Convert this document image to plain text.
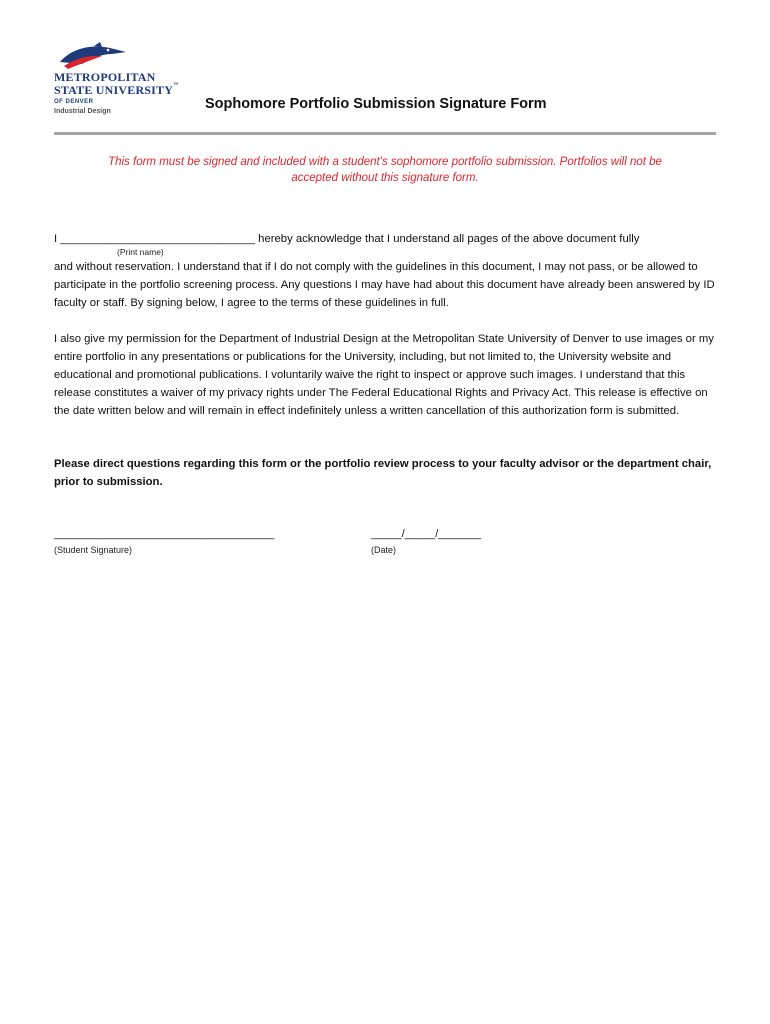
METROPOLITAN
STATE UNIVERSITY™
OF DENVER
Industrial Design	Sophomore Portfolio Submission Signature Form
This form must be signed and included with a student's sophomore portfolio submission. Portfolios will not be accepted without this signature form.
I _______________________________ hereby acknowledge that I understand all pages of the above document fully
(Print name)
and without reservation. I understand that if I do not comply with the guidelines in this document, I may not pass, or be allowed to participate in the portfolio screening process. Any questions I may have had about this document have already been answered by ID faculty or staff. By signing below, I agree to the terms of these guidelines in full.
I also give my permission for the Department of Industrial Design at the Metropolitan State University of Denver to use images or my entire portfolio in any presentations or publications for the University, including, but not limited to, the University website and educational and promotional publications. I voluntarily waive the right to inspect or approve such images. I understand that this release constitutes a waiver of my privacy rights under The Federal Educational Rights and Privacy Act. This release is effective on the date written below and will remain in effect indefinitely unless a written cancellation of this authorization form is submitted.
Please direct questions regarding this form or the portfolio review process to your faculty advisor or the department chair, prior to submission.
____________________________________
(Student Signature)
_____/_____/_______
(Date)
